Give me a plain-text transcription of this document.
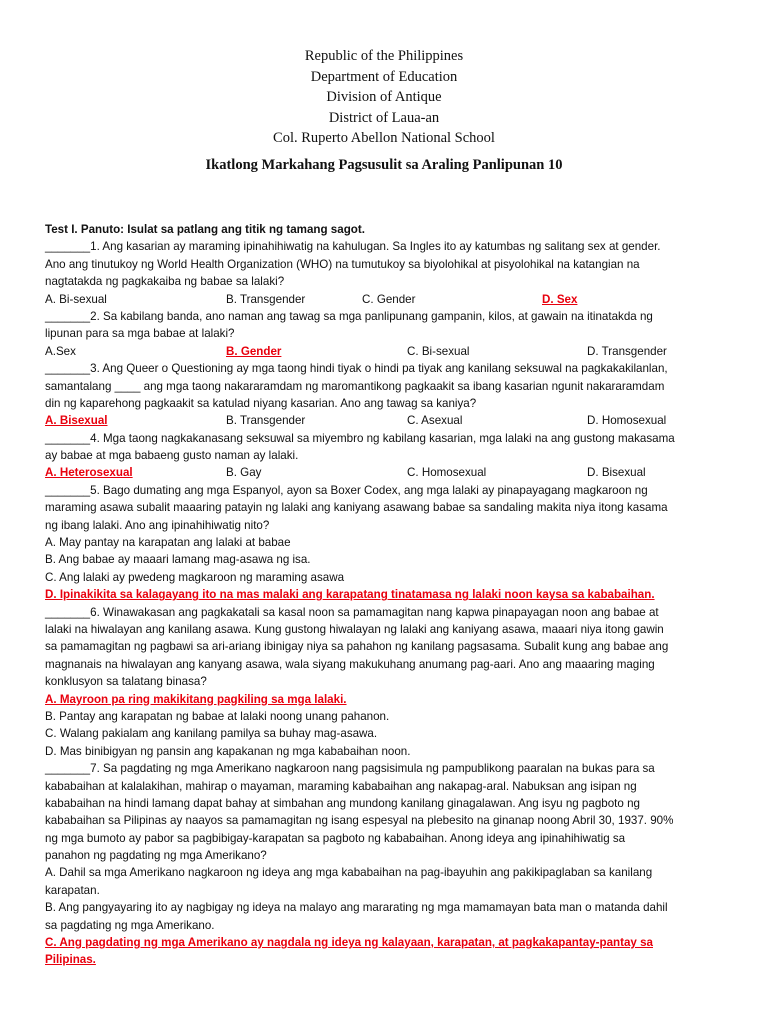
Republic of the Philippines
Department of Education
Division of Antique
District of Laua-an
Col. Ruperto Abellon National School
Ikatlong Markahang Pagsusulit sa Araling Panlipunan 10
Test I. Panuto: Isulat sa patlang ang titik ng tamang sagot.
_______1. Ang kasarian ay maraming ipinahihiwatig na kahulugan. Sa Ingles ito ay katumbas ng salitang sex at gender.
Ano ang tinutukoy ng World Health Organization (WHO) na tumutukoy sa biyolohikal at pisyolohikal na katangian na
nagtatakda ng pagkakaiba ng babae sa lalaki?
A. Bi-sexual	B. Transgender	C. Gender	D. Sex
_______2. Sa kabilang banda, ano naman ang tawag sa mga panlipunang gampanin, kilos, at gawain na itinatakda ng
lipunan para sa mga babae at lalaki?
A.Sex	B. Gender	C. Bi-sexual	D. Transgender
_______3. Ang Queer o Questioning ay mga taong hindi tiyak o hindi pa tiyak ang kanilang seksuwal na pagkakakilanlan,
samantalang ____ ang mga taong nakararamdam ng maromantikong pagkaakit sa ibang kasarian ngunit nakararamdam
din ng kaparehong pagkaakit sa katulad niyang kasarian. Ano ang tawag sa kaniya?
A. Bisexual	B. Transgender	C. Asexual	D. Homosexual
_______4. Mga taong nagkakanasang seksuwal sa miyembro ng kabilang kasarian, mga lalaki na ang gustong makasama
ay babae at mga babaeng gusto naman ay lalaki.
A. Heterosexual	B. Gay	C. Homosexual	D. Bisexual
_______5. Bago dumating ang mga Espanyol, ayon sa Boxer Codex, ang mga lalaki ay pinapayagang magkaroon ng
maraming asawa subalit maaaring patayin ng lalaki ang kaniyang asawang babae sa sandaling makita niya itong kasama
ng ibang lalaki. Ano ang ipinahihiwatig nito?
A. May pantay na karapatan ang lalaki at babae
B. Ang babae ay maaari lamang mag-asawa ng isa.
C. Ang lalaki ay pwedeng magkaroon ng maraming asawa
D. Ipinakikita sa kalagayang ito na mas malaki ang karapatang tinatamasa ng lalaki noon kaysa sa kababaihan.
_______6. Winawakasan ang pagkakatali sa kasal noon sa pamamagitan nang kapwa pinapayagan noon ang babae at
lalaki na hiwalayan ang kanilang asawa. Kung gustong hiwalayan ng lalaki ang kaniyang asawa, maaari niya itong gawin
sa pamamagitan ng pagbawi sa ari-ariang ibinigay niya sa pahahon ng kanilang pagsasama. Subalit kung ang babae ang
magnanais na hiwalayan ang kanyang asawa, wala siyang makukuhang anumang pag-aari. Ano ang maaaring maging
konklusyon sa talatang binasa?
A. Mayroon pa ring makikitang pagkiling sa mga lalaki.
B. Pantay ang karapatan ng babae at lalaki noong unang pahanon.
C. Walang pakialam ang kanilang pamilya sa buhay mag-asawa.
D. Mas binibigyan ng pansin ang kapakanan ng mga kababaihan noon.
_______7. Sa pagdating ng mga Amerikano nagkaroon nang pagsisimula ng pampublikong paaralan na bukas para sa
kababaihan at kalalakihan, mahirap o mayaman, maraming kababaihan ang nakapag-aral. Nabuksan ang isipan ng
kababaihan na hindi lamang dapat bahay at simbahan ang mundong kanilang ginagalawan. Ang isyu ng pagboto ng
kababaihan sa Pilipinas ay naayos sa pamamagitan ng isang espesyal na plebesito na ginanap noong Abril 30, 1937. 90%
ng mga bumoto ay pabor sa pagbibigay-karapatan sa pagboto ng kababaihan. Anong ideya ang ipinahihiwatig sa
panahon ng pagdating ng mga Amerikano?
A. Dahil sa mga Amerikano nagkaroon ng ideya ang mga kababaihan na pag-ibayuhin ang pakikipaglaban sa kanilang
karapatan.
B. Ang pangyayaring ito ay nagbigay ng ideya na malayo ang mararating ng mga mamamayan bata man o matanda dahil
sa pagdating ng mga Amerikano.
C. Ang pagdating ng mga Amerikano ay nagdala ng ideya ng kalayaan, karapatan, at pagkakapantay-pantay sa
Pilipinas.
